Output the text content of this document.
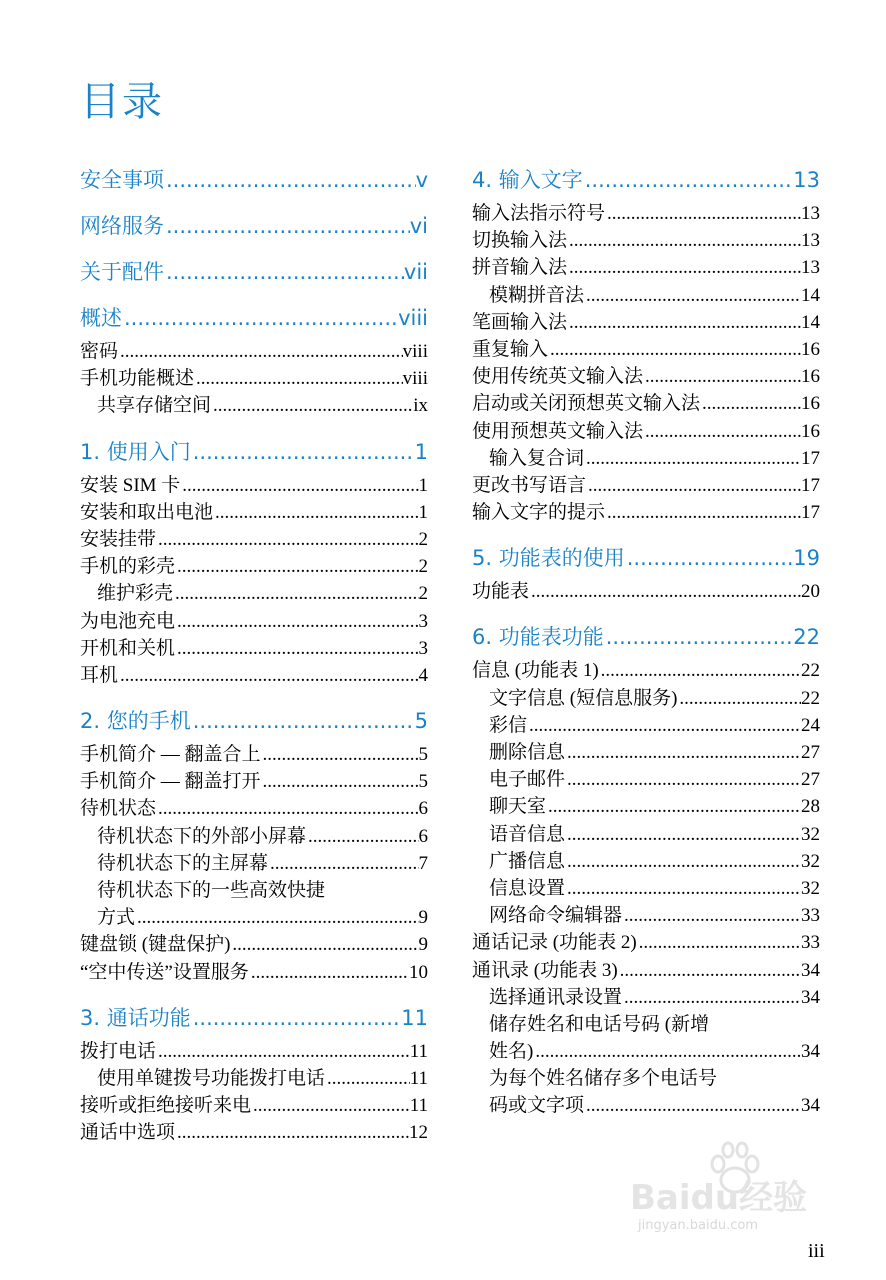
目录
安全事项 .....	v
网络服务 .....	vi
关于配件 .....	vii
概述 .....	viii
密码 .....	viii
手机功能概述 .....	viii
共享存储空间 .....	ix
1. 使用入门 .....	1
安装 SIM 卡 .....	1
安装和取出电池 .....	1
安装挂带 .....	2
手机的彩壳 .....	2
维护彩壳 .....	2
为电池充电 .....	3
开机和关机 .....	3
耳机 .....	4
2. 您的手机 .....	5
手机简介 — 翻盖合上 .....	5
手机简介 — 翻盖打开 .....	5
待机状态 .....	6
待机状态下的外部小屏幕 .....	6
待机状态下的主屏幕 .....	7
待机状态下的一些高效快捷
方式 .....	9
键盘锁 (键盘保护) .....	9
“空中传送”设置服务 .....	10
3. 通话功能 .....	11
拨打电话 .....	11
使用单键拨号功能拨打电话 .....	11
接听或拒绝接听来电 .....	11
通话中选项 .....	12
4. 输入文字 .....	13
输入法指示符号 .....	13
切换输入法 .....	13
拼音输入法 .....	13
模糊拼音法 .....	14
笔画输入法 .....	14
重复输入 .....	16
使用传统英文输入法 .....	16
启动或关闭预想英文输入法 .....	16
使用预想英文输入法 .....	16
输入复合词 .....	17
更改书写语言 .....	17
输入文字的提示 .....	17
5. 功能表的使用 .....	19
功能表 .....	20
6. 功能表功能 .....	22
信息 (功能表 1) .....	22
文字信息 (短信息服务) .....	22
彩信 .....	24
删除信息 .....	27
电子邮件 .....	27
聊天室 .....	28
语音信息 .....	32
广播信息 .....	32
信息设置 .....	32
网络命令编辑器 .....	33
通话记录 (功能表 2) .....	33
通讯录 (功能表 3) .....	34
选择通讯录设置 .....	34
储存姓名和电话号码 (新增
姓名) .....	34
为每个姓名储存多个电话号
码或文字项 .....	34
Baidu经验
jingyan.baidu.com
iii
